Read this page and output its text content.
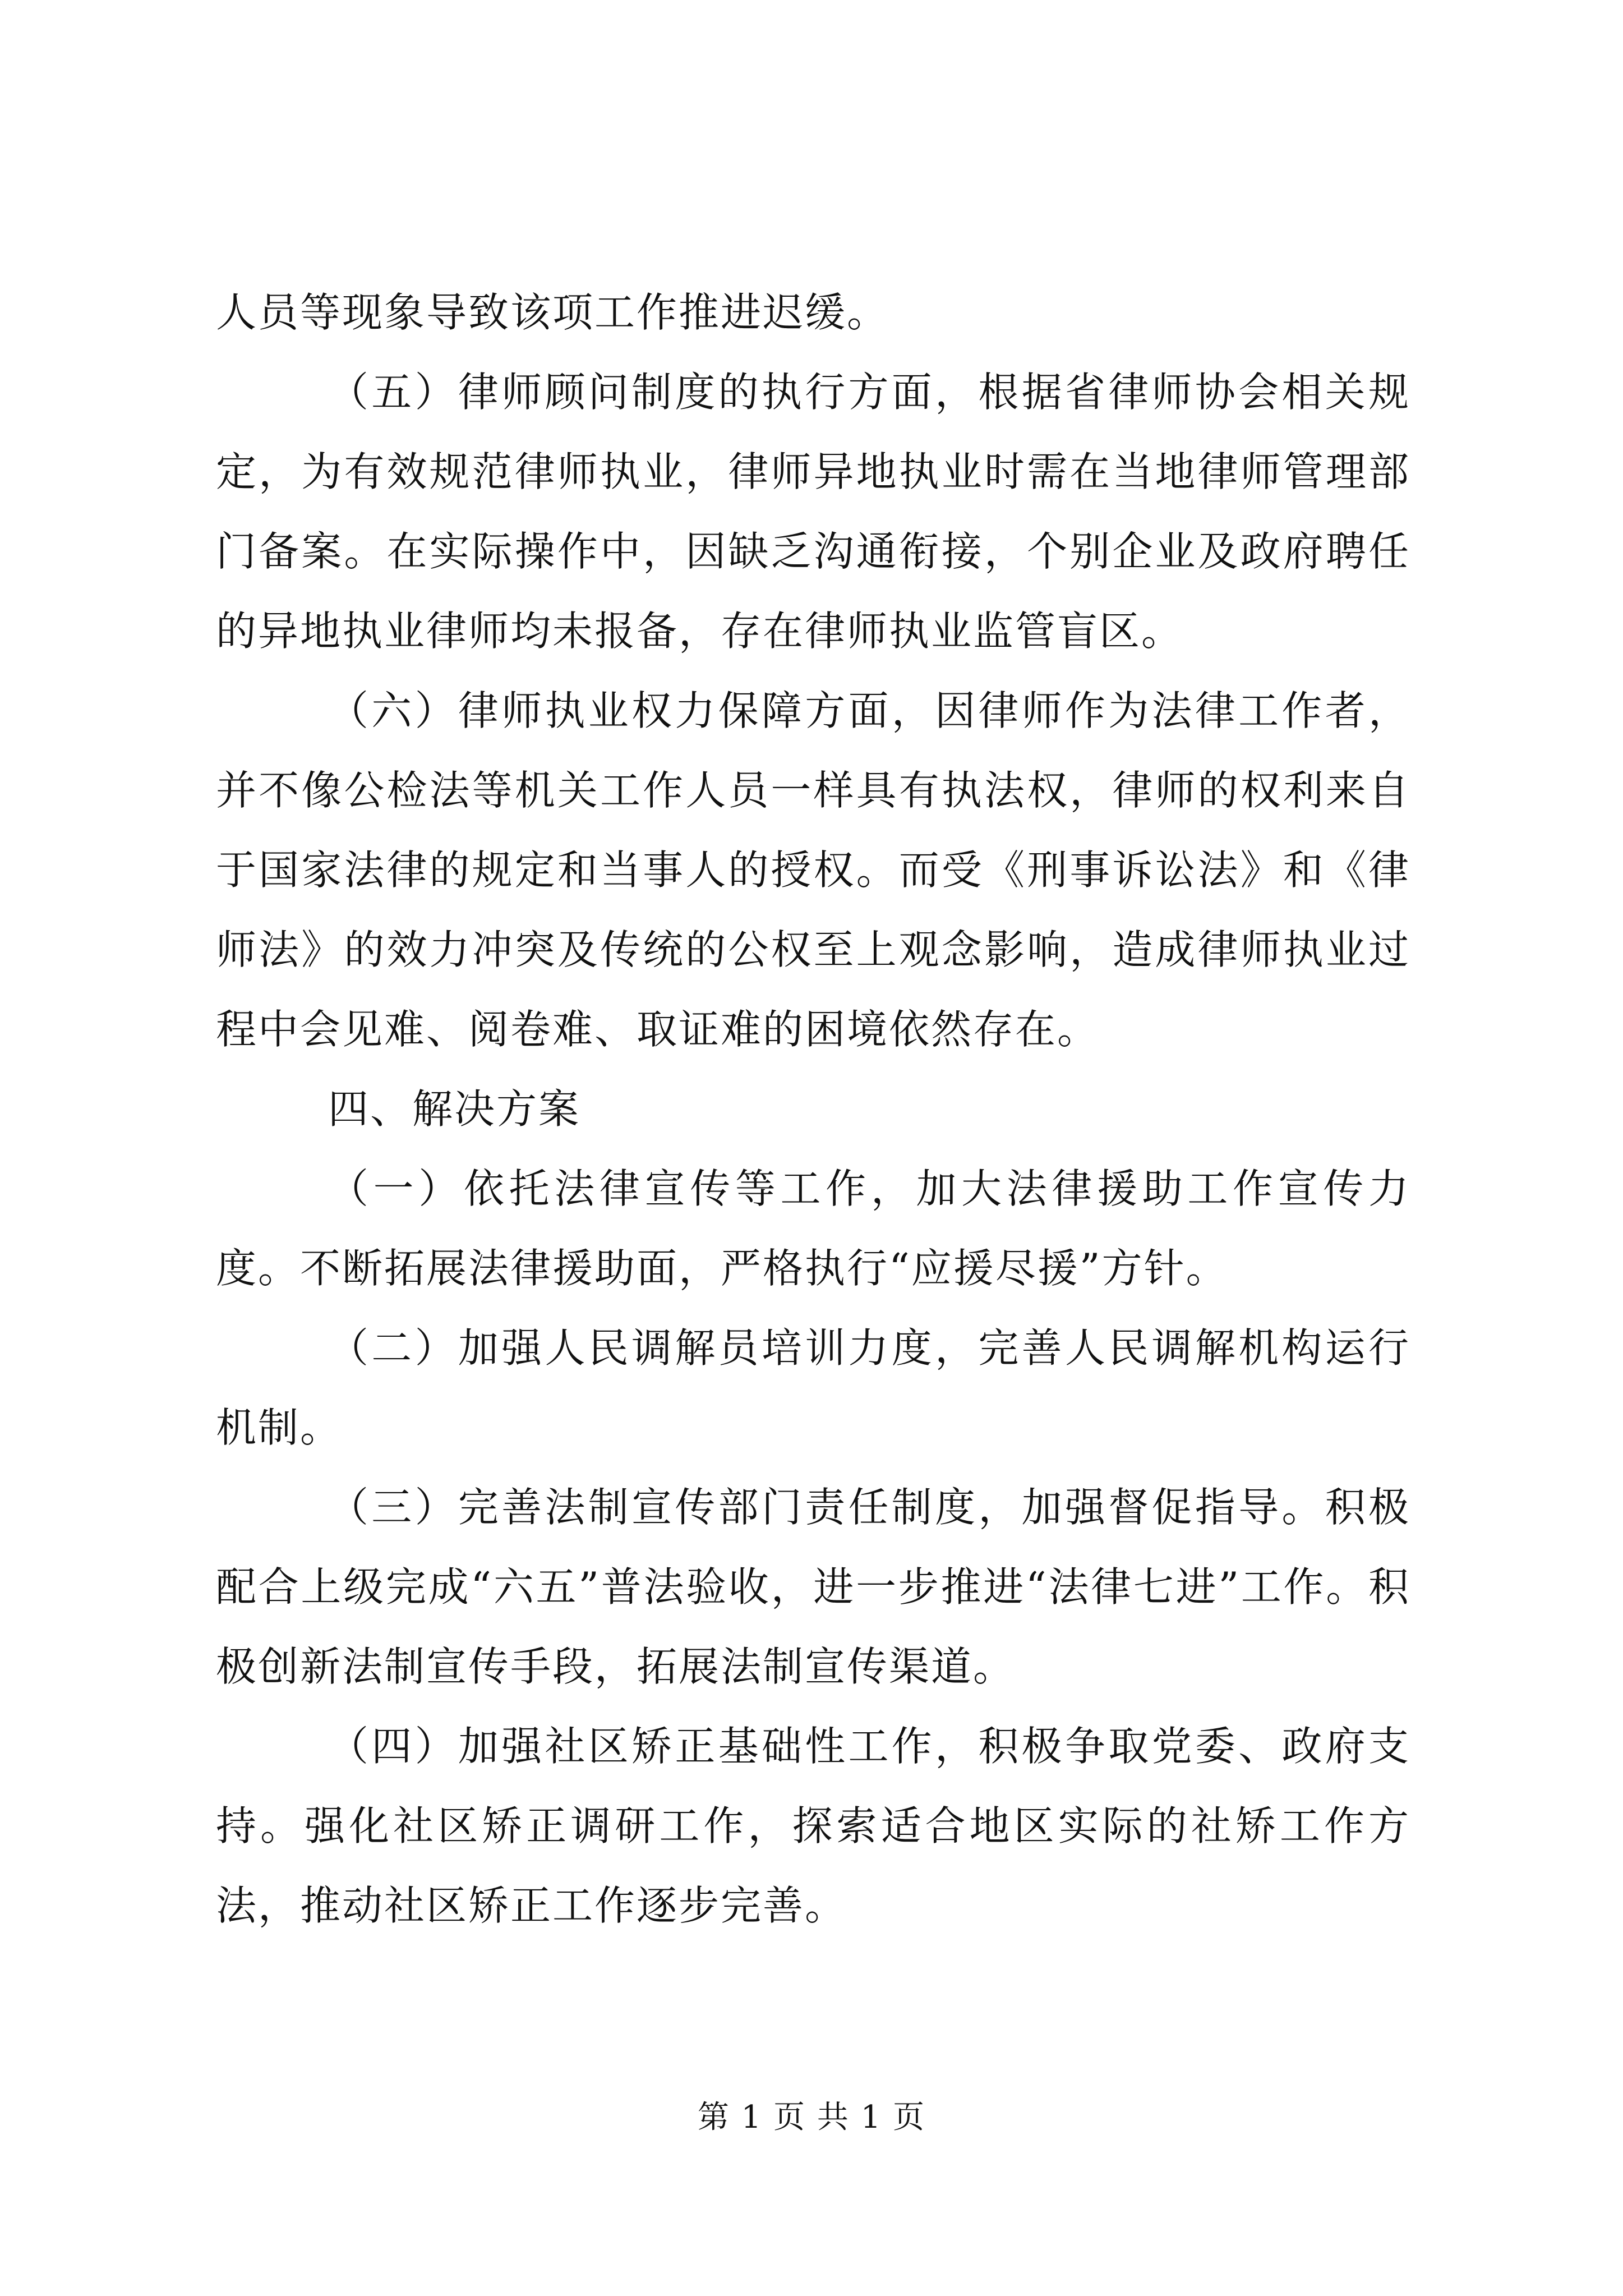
人员等现象导致该项工作推进迟缓。

（五）律师顾问制度的执行方面，根据省律师协会相关规定，为有效规范律师执业，律师异地执业时需在当地律师管理部门备案。在实际操作中，因缺乏沟通衔接，个别企业及政府聘任的异地执业律师均未报备，存在律师执业监管盲区。

（六）律师执业权力保障方面，因律师作为法律工作者，并不像公检法等机关工作人员一样具有执法权，律师的权利来自于国家法律的规定和当事人的授权。而受《刑事诉讼法》和《律师法》的效力冲突及传统的公权至上观念影响，造成律师执业过程中会见难、阅卷难、取证难的困境依然存在。

四、解决方案

（一）依托法律宣传等工作，加大法律援助工作宣传力度。不断拓展法律援助面，严格执行“应援尽援”方针。

（二）加强人民调解员培训力度，完善人民调解机构运行机制。

（三）完善法制宣传部门责任制度，加强督促指导。积极配合上级完成“六五”普法验收，进一步推进“法律七进”工作。积极创新法制宣传手段，拓展法制宣传渠道。

（四）加强社区矫正基础性工作，积极争取党委、政府支持。强化社区矫正调研工作，探索适合地区实际的社矫工作方法，推动社区矫正工作逐步完善。

第 1 页 共 1 页
